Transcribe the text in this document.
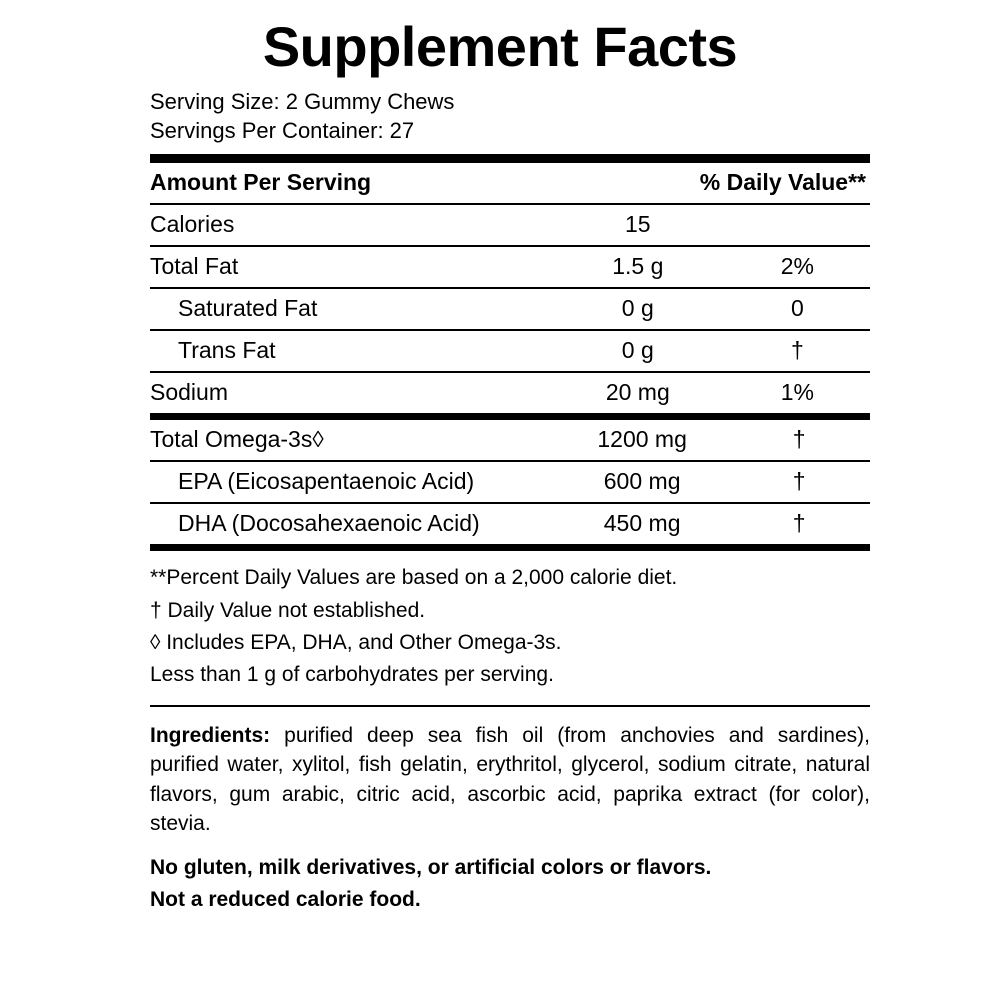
Supplement Facts
Serving Size: 2 Gummy Chews
Servings Per Container: 27
Amount Per Serving	% Daily Value**	
Calories	15	
Total Fat	1.5 g	2%
Saturated Fat	0 g	0
Trans Fat	0 g	†
Sodium	20 mg	1%
Total Omega-3s◊	1200 mg	†
EPA (Eicosapentaenoic Acid)	600 mg	†
DHA (Docosahexaenoic Acid)	450 mg	†
**Percent Daily Values are based on a 2,000 calorie diet.
† Daily Value not established.
◊ Includes EPA, DHA, and Other Omega-3s.
Less than 1 g of carbohydrates per serving.
Ingredients: purified deep sea fish oil (from anchovies and sardines), purified water, xylitol, fish gelatin, erythritol, glycerol, sodium citrate, natural flavors, gum arabic, citric acid, ascorbic acid, paprika extract (for color), stevia.
No gluten, milk derivatives, or artificial colors or flavors.
Not a reduced calorie food.
